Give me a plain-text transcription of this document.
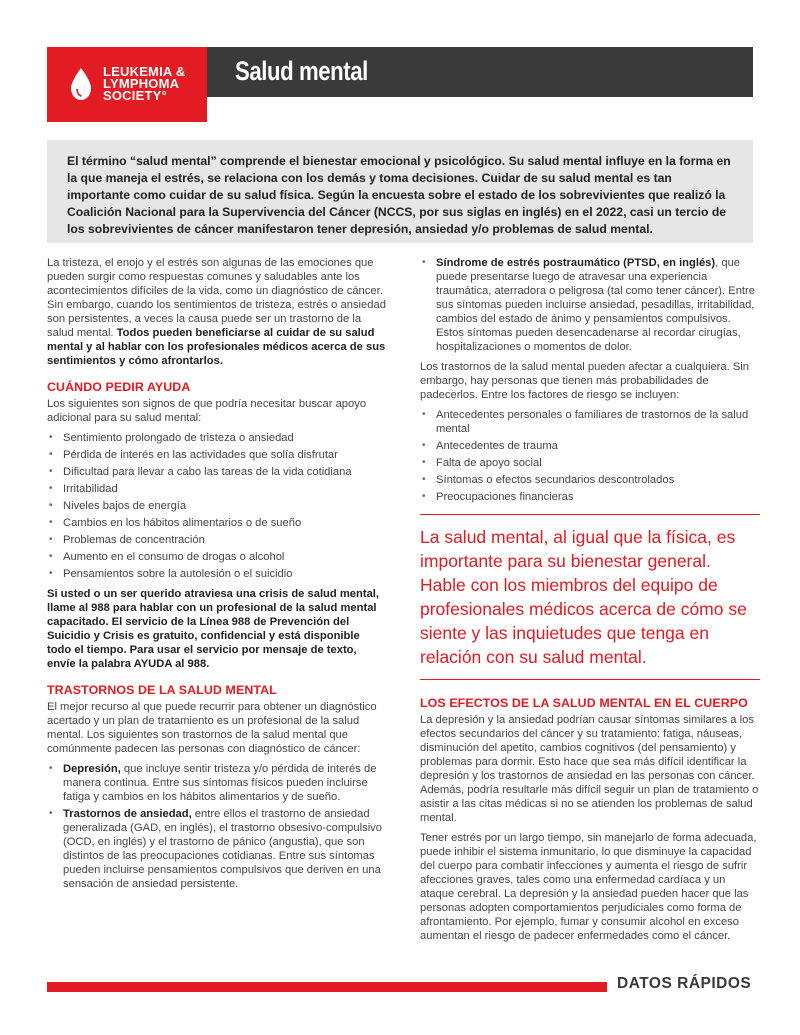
LEUKEMIA &
LYMPHOMA
SOCIETY°
Salud mental

El término “salud mental” comprende el bienestar emocional y psicológico. Su salud mental influye en la forma en la que maneja el estrés, se relaciona con los demás y toma decisiones. Cuidar de su salud mental es tan importante como cuidar de su salud física. Según la encuesta sobre el estado de los sobrevivientes que realizó la Coalición Nacional para la Supervivencia del Cáncer (NCCS, por sus siglas en inglés) en el 2022, casi un tercio de los sobrevivientes de cáncer manifestaron tener depresión, ansiedad y/o problemas de salud mental.

La tristeza, el enojo y el estrés son algunas de las emociones que pueden surgir como respuestas comunes y saludables ante los acontecimientos difíciles de la vida, como un diagnóstico de cáncer. Sin embargo, cuando los sentimientos de tristeza, estrés o ansiedad son persistentes, a veces la causa puede ser un trastorno de la salud mental. Todos pueden beneficiarse al cuidar de su salud mental y al hablar con los profesionales médicos acerca de sus sentimientos y cómo afrontarlos.

CUÁNDO PEDIR AYUDA

Los siguientes son signos de que podría necesitar buscar apoyo adicional para su salud mental:

• Sentimiento prolongado de tristeza o ansiedad
• Pérdida de interés en las actividades que solía disfrutar
• Dificultad para llevar a cabo las tareas de la vida cotidiana
• Irritabilidad
• Niveles bajos de energía
• Cambios en los hábitos alimentarios o de sueño
• Problemas de concentración
• Aumento en el consumo de drogas o alcohol
• Pensamientos sobre la autolesión o el suicidio

Si usted o un ser querido atraviesa una crisis de salud mental, llame al 988 para hablar con un profesional de la salud mental capacitado. El servicio de la Línea 988 de Prevención del Suicidio y Crisis es gratuito, confidencial y está disponible todo el tiempo. Para usar el servicio por mensaje de texto, envíe la palabra AYUDA al 988.

TRASTORNOS DE LA SALUD MENTAL

El mejor recurso al que puede recurrir para obtener un diagnóstico acertado y un plan de tratamiento es un profesional de la salud mental. Los siguientes son trastornos de la salud mental que comúnmente padecen las personas con diagnóstico de cáncer:

• Depresión, que incluye sentir tristeza y/o pérdida de interés de manera continua. Entre sus síntomas físicos pueden incluirse fatiga y cambios en los hábitos alimentarios y de sueño.
• Trastornos de ansiedad, entre ellos el trastorno de ansiedad generalizada (GAD, en inglés), el trastorno obsesivo-compulsivo (OCD, en inglés) y el trastorno de pánico (angustia), que son distintos de las preocupaciones cotidianas. Entre sus síntomas pueden incluirse pensamientos compulsivos que deriven en una sensación de ansiedad persistente.
• Síndrome de estrés postraumático (PTSD, en inglés), que puede presentarse luego de atravesar una experiencia traumática, aterradora o peligrosa (tal como tener cáncer). Entre sus síntomas pueden incluirse ansiedad, pesadillas, irritabilidad, cambios del estado de ánimo y pensamientos compulsivos. Estos síntomas pueden desencadenarse al recordar cirugías, hospitalizaciones o momentos de dolor.

Los trastornos de la salud mental pueden afectar a cualquiera. Sin embargo, hay personas que tienen más probabilidades de padecerlos. Entre los factores de riesgo se incluyen:

• Antecedentes personales o familiares de trastornos de la salud mental
• Antecedentes de trauma
• Falta de apoyo social
• Síntomas o efectos secundarios descontrolados
• Preocupaciones financieras
La salud mental, al igual que la física, es importante para su bienestar general. Hable con los miembros del equipo de profesionales médicos acerca de cómo se siente y las inquietudes que tenga en relación con su salud mental.
LOS EFECTOS DE LA SALUD MENTAL EN EL CUERPO

La depresión y la ansiedad podrían causar síntomas similares a los efectos secundarios del cáncer y su tratamiento: fatiga, náuseas, disminución del apetito, cambios cognitivos (del pensamiento) y problemas para dormir. Esto hace que sea más difícil identificar la depresión y los trastornos de ansiedad en las personas con cáncer. Además, podría resultarle más difícil seguir un plan de tratamiento o asistir a las citas médicas si no se atienden los problemas de salud mental.

Tener estrés por un largo tiempo, sin manejarlo de forma adecuada, puede inhibir el sistema inmunitario, lo que disminuye la capacidad del cuerpo para combatir infecciones y aumenta el riesgo de sufrir afecciones graves, tales como una enfermedad cardíaca y un ataque cerebral. La depresión y la ansiedad pueden hacer que las personas adopten comportamientos perjudiciales como forma de afrontamiento. Por ejemplo, fumar y consumir alcohol en exceso aumentan el riesgo de padecer enfermedades como el cáncer.

DATOS RÁPIDOS
